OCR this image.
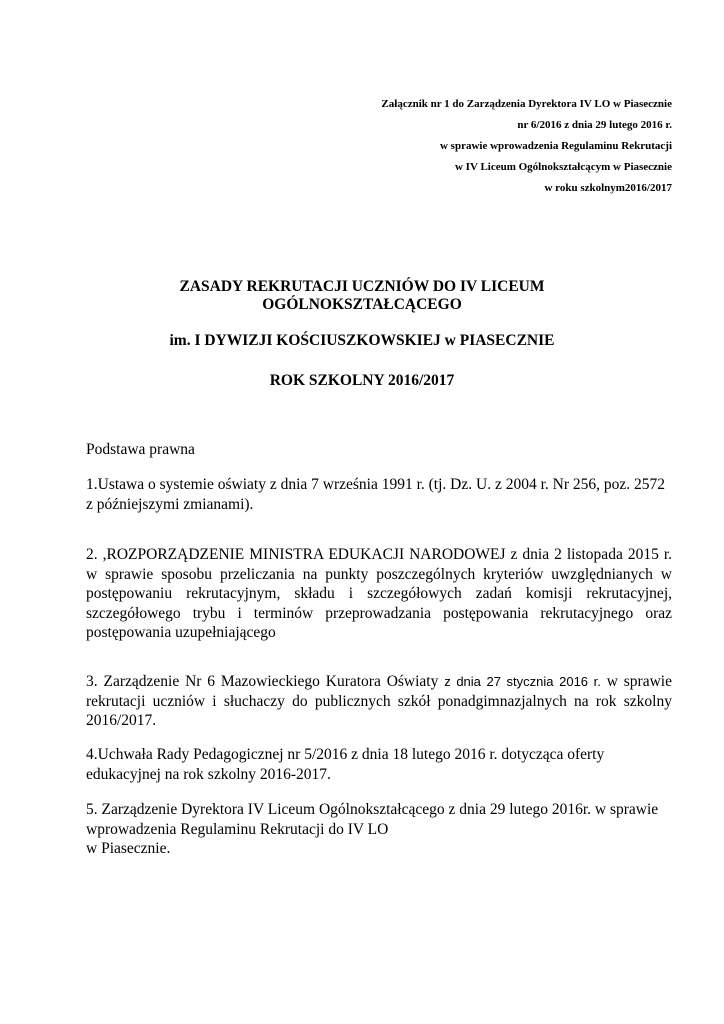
Załącznik nr 1 do Zarządzenia Dyrektora IV LO w Piasecznie
nr 6/2016 z dnia 29 lutego 2016 r.
w sprawie wprowadzenia Regulaminu Rekrutacji
w IV Liceum Ogólnokształcącym w Piasecznie
w roku szkolnym2016/2017
ZASADY REKRUTACJI UCZNIÓW DO IV LICEUM
OGÓLNOKSZTAŁCĄCEGO
im. I DYWIZJI KOŚCIUSZKOWSKIEJ w PIASECZNIE
ROK SZKOLNY 2016/2017
Podstawa prawna
1.Ustawa o systemie oświaty z dnia 7 września 1991 r. (tj. Dz. U. z 2004 r. Nr 256, poz. 2572 z późniejszymi zmianami).
2. ,ROZPORZĄDZENIE MINISTRA EDUKACJI NARODOWEJ z dnia 2 listopada 2015 r. w sprawie sposobu przeliczania na punkty poszczególnych kryteriów uwzględnianych w postępowaniu rekrutacyjnym, składu i szczegółowych zadań komisji rekrutacyjnej, szczegółowego trybu i terminów przeprowadzania postępowania rekrutacyjnego oraz postępowania uzupełniającego
3. Zarządzenie Nr 6 Mazowieckiego Kuratora Oświaty z dnia 27 stycznia 2016 r. w sprawie rekrutacji uczniów i słuchaczy do publicznych szkół ponadgimnazjalnych na rok szkolny 2016/2017.
4.Uchwała Rady Pedagogicznej nr 5/2016 z dnia 18 lutego 2016 r. dotycząca oferty edukacyjnej na rok szkolny 2016-2017.
5. Zarządzenie Dyrektora IV Liceum Ogólnokształcącego z dnia 29 lutego 2016r. w sprawie wprowadzenia Regulaminu Rekrutacji do IV LO
w Piasecznie.
